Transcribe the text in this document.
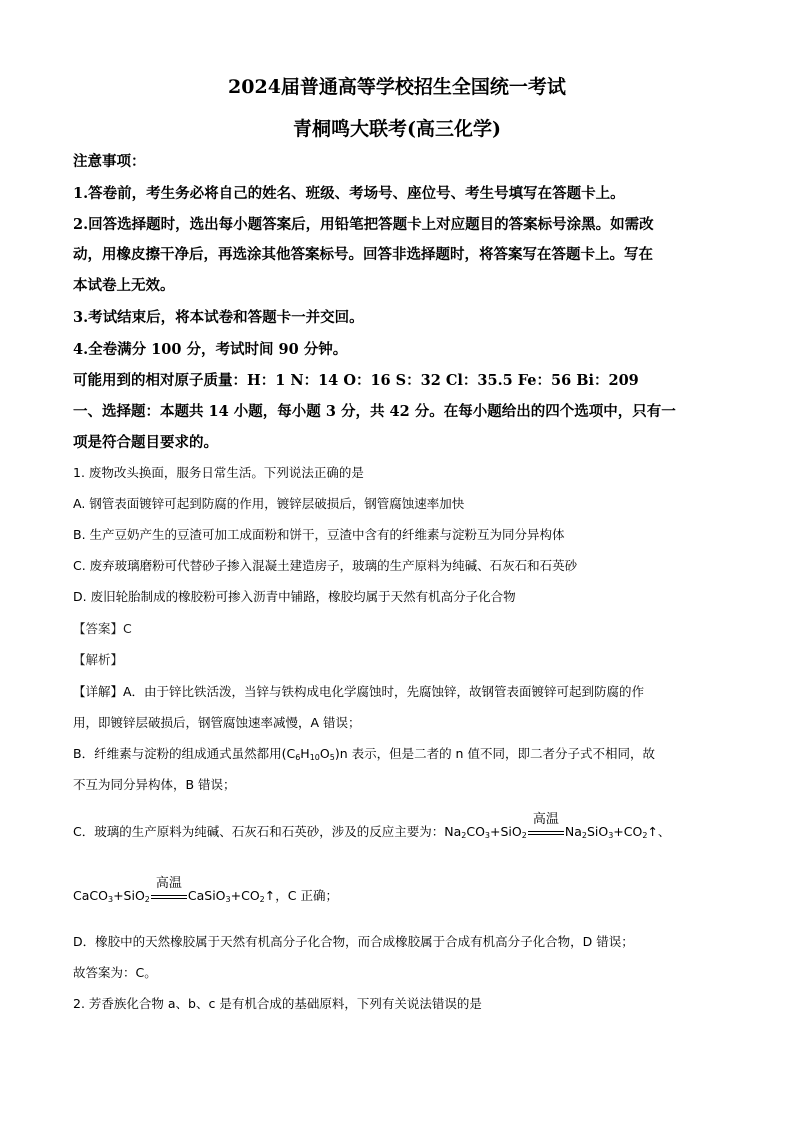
2024届普通高等学校招生全国统一考试
青桐鸣大联考(高三化学)
注意事项：
1.答卷前，考生务必将自己的姓名、班级、考场号、座位号、考生号填写在答题卡上。
2.回答选择题时，选出每小题答案后，用铅笔把答题卡上对应题目的答案标号涂黑。如需改
动，用橡皮擦干净后，再选涂其他答案标号。回答非选择题时，将答案写在答题卡上。写在
本试卷上无效。
3.考试结束后，将本试卷和答题卡一并交回。
4.全卷满分 100 分，考试时间 90 分钟。
可能用到的相对原子质量：H：1 N：14 O：16 S：32 Cl：35.5 Fe：56 Bi：209
一、选择题：本题共 14 小题，每小题 3 分，共 42 分。在每小题给出的四个选项中，只有一
项是符合题目要求的。
1. 废物改头换面，服务日常生活。下列说法正确的是
A. 钢管表面镀锌可起到防腐的作用，镀锌层破损后，钢管腐蚀速率加快
B. 生产豆奶产生的豆渣可加工成面粉和饼干，豆渣中含有的纤维素与淀粉互为同分异构体
C. 废弃玻璃磨粉可代替砂子掺入混凝土建造房子，玻璃的生产原料为纯碱、石灰石和石英砂
D. 废旧轮胎制成的橡胶粉可掺入沥青中铺路，橡胶均属于天然有机高分子化合物
【答案】C
【解析】
【详解】A．由于锌比铁活泼，当锌与铁构成电化学腐蚀时，先腐蚀锌，故钢管表面镀锌可起到防腐的作
用，即镀锌层破损后，钢管腐蚀速率减慢，A 错误；
B．纤维素与淀粉的组成通式虽然都用$(C_6H_{10}O_5)n$ 表示，但是二者的 n 值不同，即二者分子式不相同，故
不互为同分异构体，B 错误；
C．玻璃的生产原料为纯碱、石灰石和石英砂，涉及的反应主要为：$Na_2CO_3+SiO_2$
高温
$Na_2SiO_3+CO_2↑$、
CaCO$_3$+SiO$_2$
高温
$CaSiO_3+CO_2↑$，C 正确；
D．橡胶中的天然橡胶属于天然有机高分子化合物，而合成橡胶属于合成有机高分子化合物，D 错误；
故答案为：C。
2. 芳香族化合物 a、b、c 是有机合成的基础原料，下列有关说法错误的是
